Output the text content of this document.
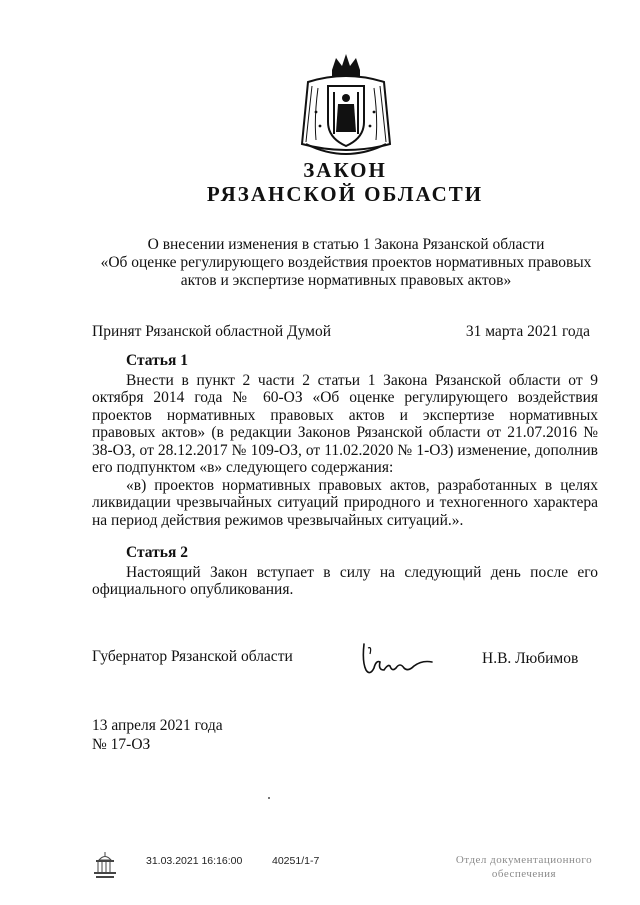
ЗАКОН
РЯЗАНСКОЙ ОБЛАСТИ
О внесении изменения в статью 1 Закона Рязанской области
«Об оценке регулирующего воздействия проектов нормативных правовых
актов и экспертизе нормативных правовых актов»
Принят Рязанской областной Думой	31 марта 2021 года
Статья 1
Внести в пункт 2 части 2 статьи 1 Закона Рязанской области от 9 октября 2014 года № 60-ОЗ «Об оценке регулирующего воздействия проектов нормативных правовых актов и экспертизе нормативных правовых актов» (в редакции Законов Рязанской области от 21.07.2016 № 38-ОЗ, от 28.12.2017 № 109-ОЗ, от 11.02.2020 № 1-ОЗ) изменение, дополнив его подпунктом «в» следующего содержания:
«в) проектов нормативных правовых актов, разработанных в целях ликвидации чрезвычайных ситуаций природного и техногенного характера на период действия режимов чрезвычайных ситуаций.».
Статья 2
Настоящий Закон вступает в силу на следующий день после его официального опубликования.
Губернатор Рязанской области	Н.В. Любимов
13 апреля 2021 года
№ 17-ОЗ
31.03.2021 16:16:00	40251/1-7	Отдел документационного
обеспечения
